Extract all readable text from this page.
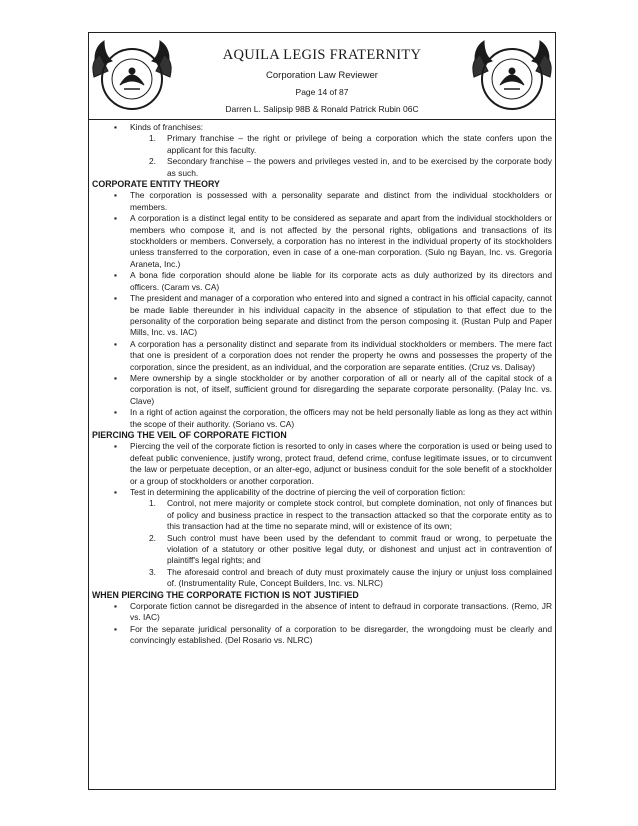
AQUILA LEGIS FRATERNITY
Corporation Law Reviewer
Page 14 of 87
Darren L. Salipsip 98B & Ronald Patrick Rubin 06C

▪ Kinds of franchises:

1. Primary franchise – the right or privilege of being a corporation which the state confers upon the applicant for this faculty.

2. Secondary franchise – the powers and privileges vested in, and to be exercised by the corporate body as such.

CORPORATE ENTITY THEORY

▪ The corporation is possessed with a personality separate and distinct from the individual stockholders or members.

▪ A corporation is a distinct legal entity to be considered as separate and apart from the individual stockholders or members who compose it, and is not affected by the personal rights, obligations and transactions of its stockholders or members. Conversely, a corporation has no interest in the individual property of its stockholders unless transferred to the corporation, even in case of a one-man corporation. (Sulo ng Bayan, Inc. vs. Gregoria Araneta, Inc.)

▪ A bona fide corporation should alone be liable for its corporate acts as duly authorized by its directors and officers. (Caram vs. CA)

▪ The president and manager of a corporation who entered into and signed a contract in his official capacity, cannot be made liable thereunder in his individual capacity in the absence of stipulation to that effect due to the personality of the corporation being separate and distinct from the person composing it. (Rustan Pulp and Paper Mills, Inc. vs. IAC)

▪ A corporation has a personality distinct and separate from its individual stockholders or members. The mere fact that one is president of a corporation does not render the property he owns and possesses the property of the corporation, since the president, as an individual, and the corporation are separate entities. (Cruz vs. Dalisay)

▪ Mere ownership by a single stockholder or by another corporation of all or nearly all of the capital stock of a corporation is not, of itself, sufficient ground for disregarding the separate corporate personality. (Palay Inc. vs. Clave)

▪ In a right of action against the corporation, the officers may not be held personally liable as long as they act within the scope of their authority. (Soriano vs. CA)

PIERCING THE VEIL OF CORPORATE FICTION

▪ Piercing the veil of the corporate fiction is resorted to only in cases where the corporation is used or being used to defeat public convenience, justify wrong, protect fraud, defend crime, confuse legitimate issues, or to circumvent the law or perpetuate deception, or an alter-ego, adjunct or business conduit for the sole benefit of a stockholder or a group of stockholders or another corporation.

▪ Test in determining the applicability of the doctrine of piercing the veil of corporation fiction:

1. Control, not mere majority or complete stock control, but complete domination, not only of finances but of policy and business practice in respect to the transaction attacked so that the corporate entity as to this transaction had at the time no separate mind, will or existence of its own;

2. Such control must have been used by the defendant to commit fraud or wrong, to perpetuate the violation of a statutory or other positive legal duty, or dishonest and unjust act in contravention of plaintiff's legal rights; and

3. The aforesaid control and breach of duty must proximately cause the injury or unjust loss complained of. (Instrumentality Rule, Concept Builders, Inc. vs. NLRC)

WHEN PIERCING THE CORPORATE FICTION IS NOT JUSTIFIED

▪ Corporate fiction cannot be disregarded in the absence of intent to defraud in corporate transactions. (Remo, JR vs. IAC)

▪ For the separate juridical personality of a corporation to be disregarder, the wrongdoing must be clearly and convincingly established. (Del Rosario vs. NLRC)
